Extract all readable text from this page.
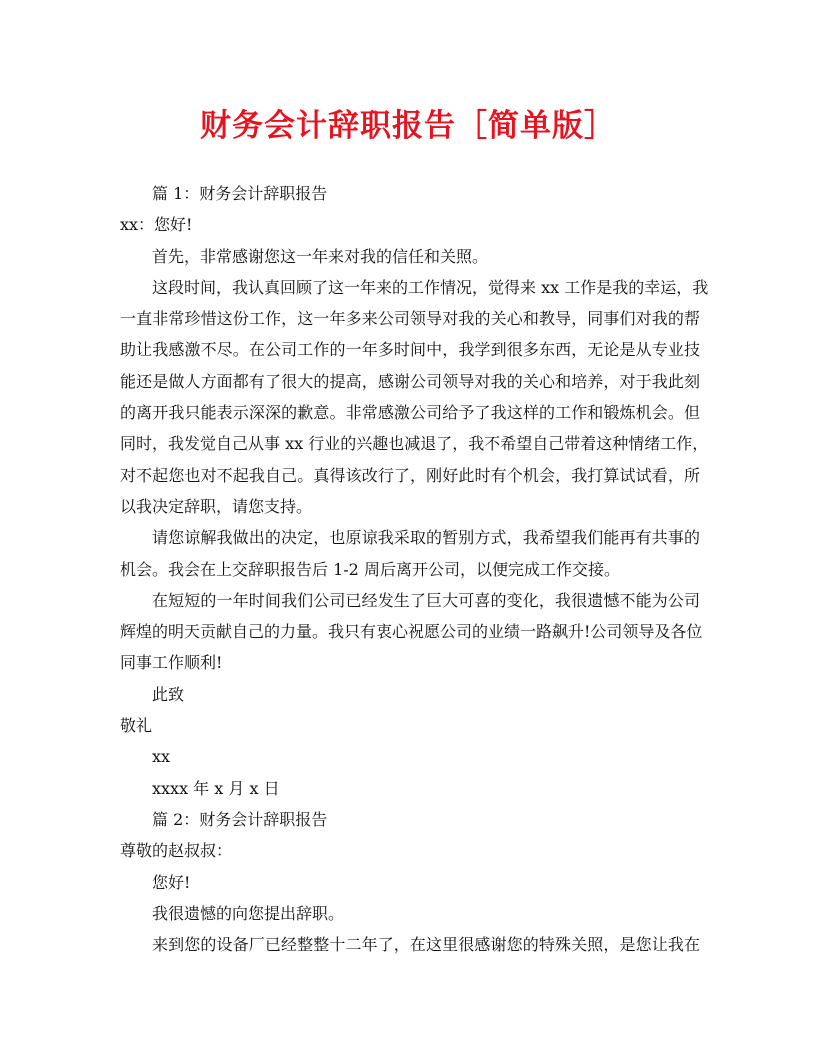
财务会计辞职报告［简单版］

篇 1：财务会计辞职报告

xx：您好!

首先，非常感谢您这一年来对我的信任和关照。

这段时间，我认真回顾了这一年来的工作情况，觉得来 xx 工作是我的幸运，我

一直非常珍惜这份工作，这一年多来公司领导对我的关心和教导，同事们对我的帮

助让我感激不尽。在公司工作的一年多时间中，我学到很多东西，无论是从专业技

能还是做人方面都有了很大的提高，感谢公司领导对我的关心和培养，对于我此刻

的离开我只能表示深深的歉意。非常感激公司给予了我这样的工作和锻炼机会。但

同时，我发觉自己从事 xx 行业的兴趣也减退了，我不希望自己带着这种情绪工作，

对不起您也对不起我自己。真得该改行了，刚好此时有个机会，我打算试试看，所

以我决定辞职，请您支持。

请您谅解我做出的决定，也原谅我采取的暂别方式，我希望我们能再有共事的

机会。我会在上交辞职报告后 1-2 周后离开公司，以便完成工作交接。

在短短的一年时间我们公司已经发生了巨大可喜的变化，我很遗憾不能为公司

辉煌的明天贡献自己的力量。我只有衷心祝愿公司的业绩一路飙升!公司领导及各位

同事工作顺利!

此致

敬礼

xx

xxxx 年 x 月 x 日

篇 2：财务会计辞职报告

尊敬的赵叔叔：

您好!

我很遗憾的向您提出辞职。

来到您的设备厂已经整整十二年了，在这里很感谢您的特殊关照，是您让我在
